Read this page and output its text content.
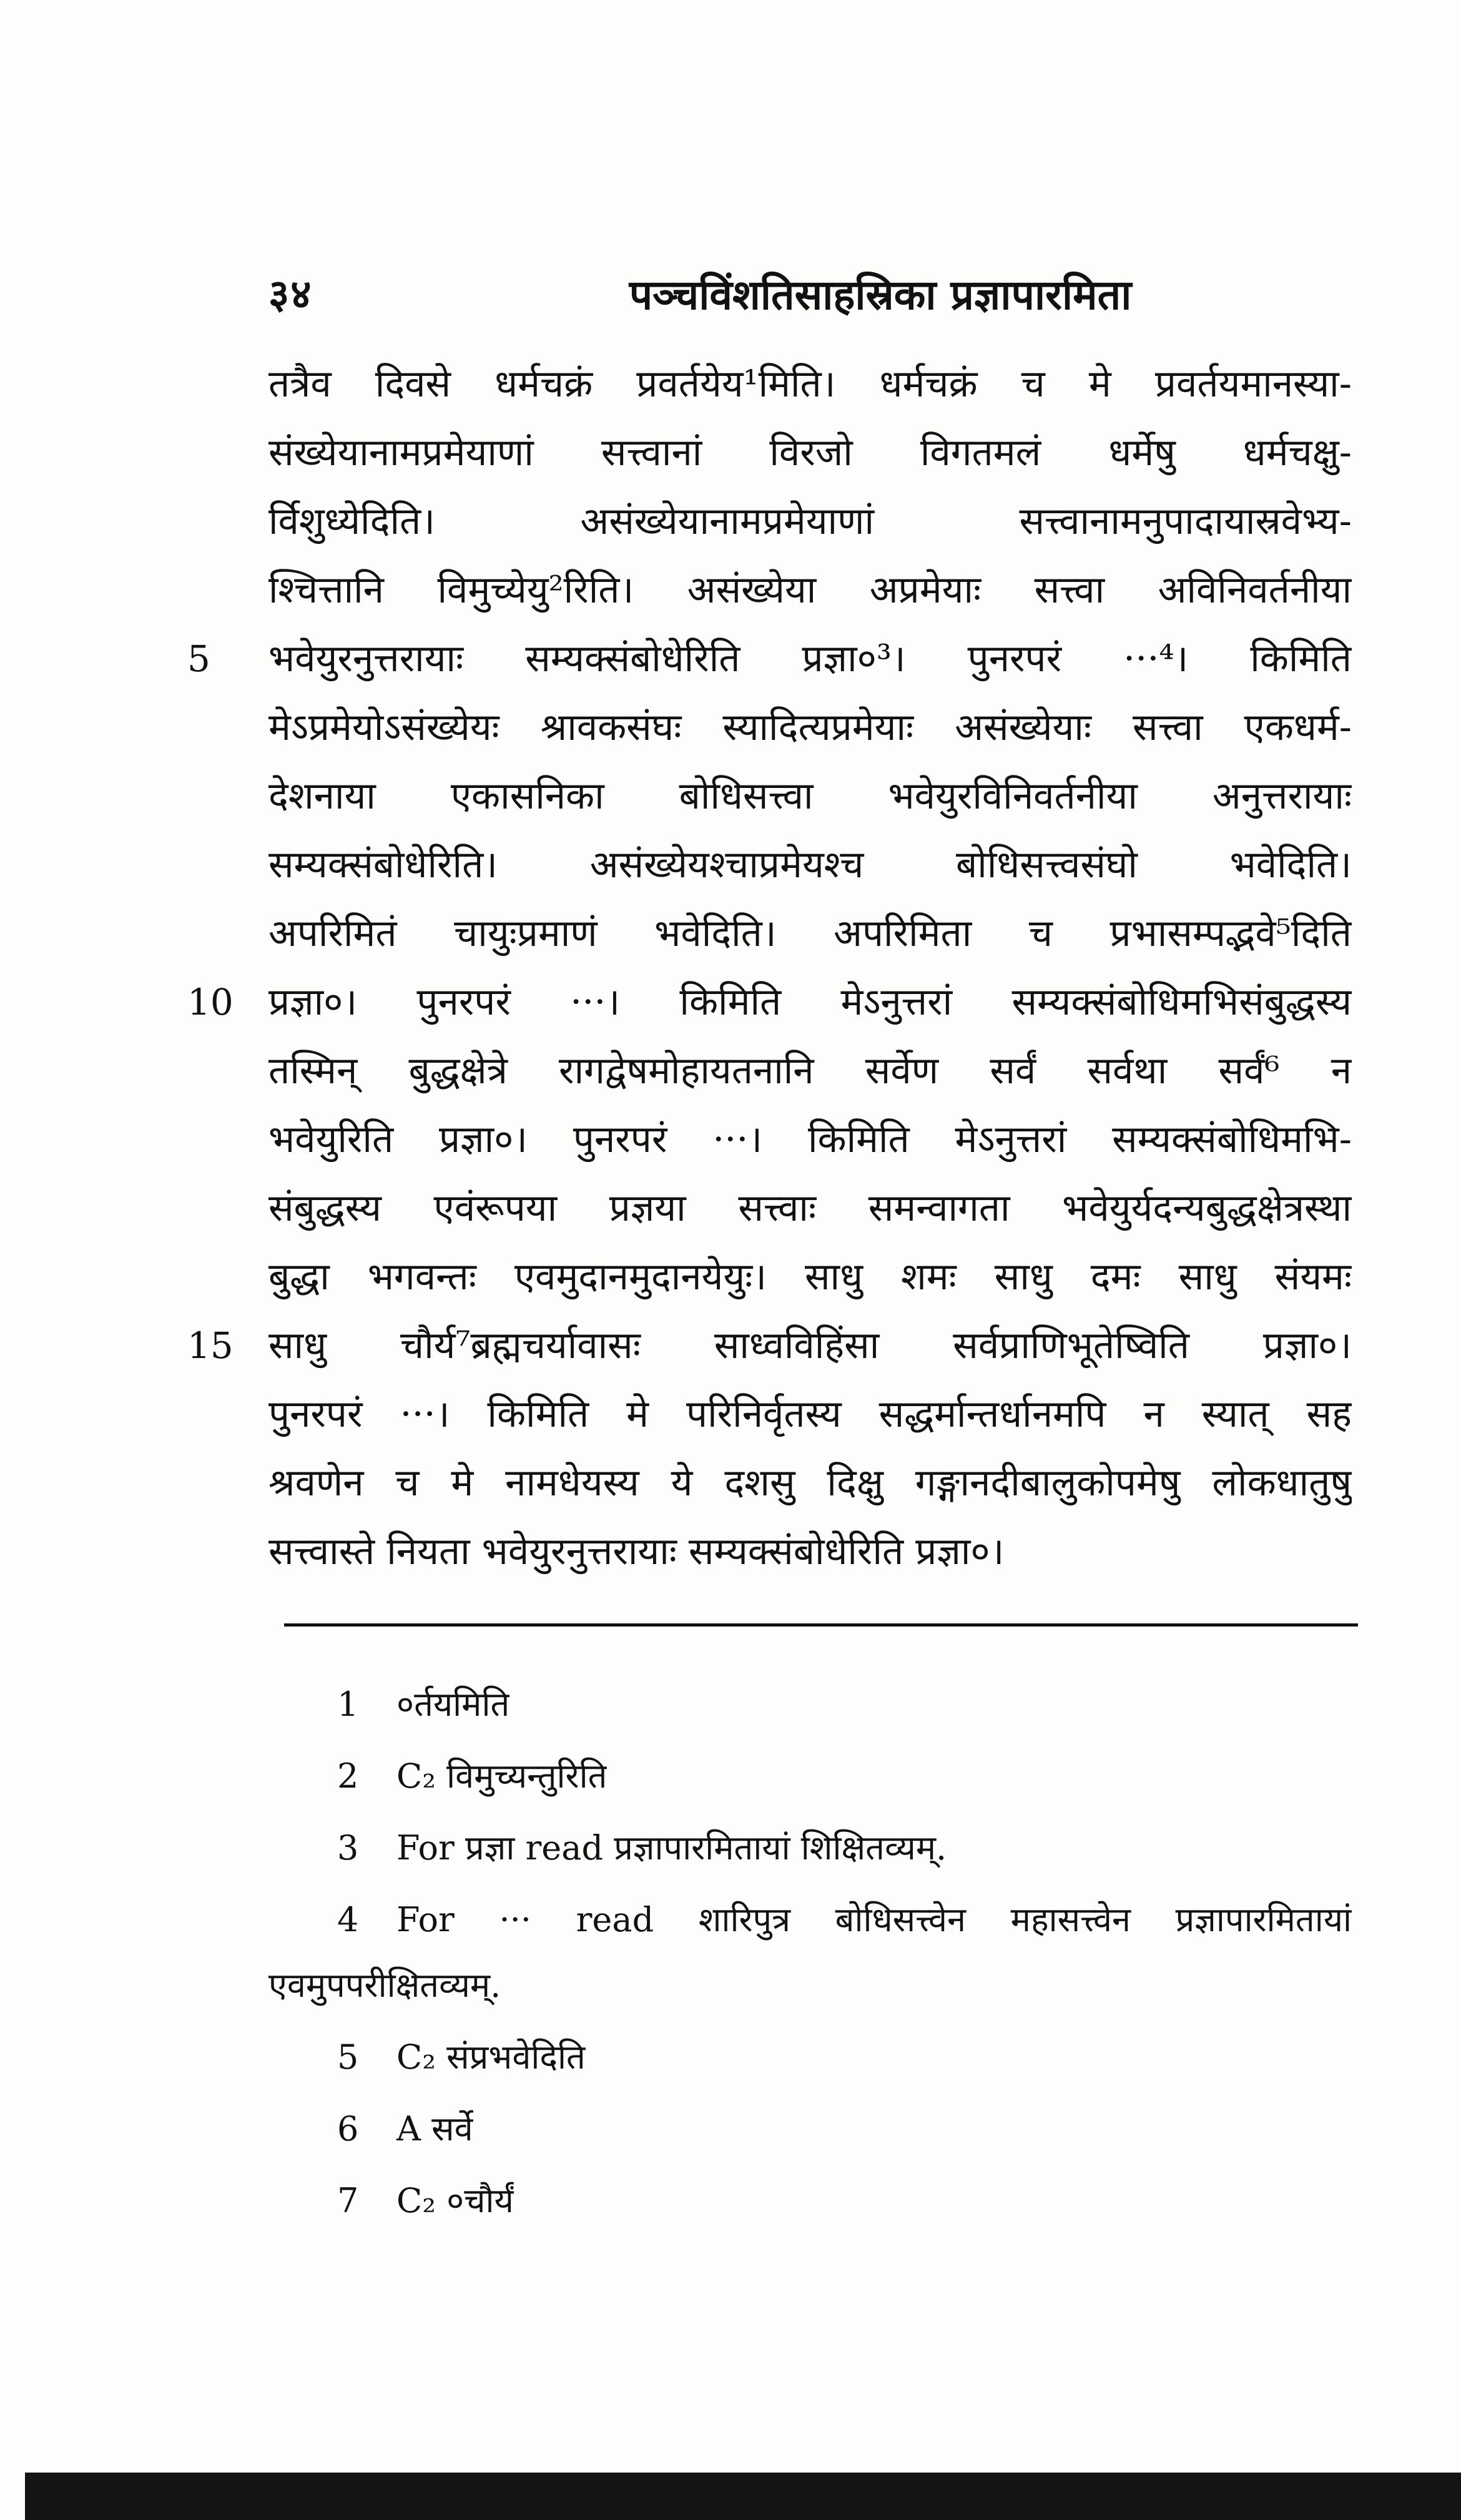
३४	पञ्चविंशतिसाहस्रिका प्रज्ञापारमिता
तत्रैव दिवसे धर्मचक्रं प्रवर्तयेय¹मिति। धर्मचक्रं च मे प्रवर्तयमानस्या-
संख्येयानामप्रमेयाणां सत्त्वानां विरजो विगतमलं धर्मेषु धर्मचक्षु-
र्विशुध्येदिति। असंख्येयानामप्रमेयाणां सत्त्वानामनुपादायास्रवेभ्य-
श्चित्तानि विमुच्येयु²रिति। असंख्येया अप्रमेयाः सत्त्वा अविनिवर्तनीया
5	भवेयुरनुत्तरायाः सम्यक्संबोधेरिति प्रज्ञा०³। पुनरपरं ···⁴। किमिति
मेऽप्रमेयोऽसंख्येयः श्रावकसंघः स्यादित्यप्रमेयाः असंख्येयाः सत्त्वा एकधर्म-
देशनाया एकासनिका बोधिसत्त्वा भवेयुरविनिवर्तनीया अनुत्तरायाः
सम्यक्संबोधेरिति। असंख्येयश्चाप्रमेयश्च बोधिसत्त्वसंघो भवेदिति।
अपरिमितं चायुःप्रमाणं भवेदिति। अपरिमिता च प्रभासम्पद्भवे⁵दिति
10 प्रज्ञा०। पुनरपरं ···। किमिति मेऽनुत्तरां सम्यक्संबोधिमभिसंबुद्धस्य
तस्मिन् बुद्धक्षेत्रे रागद्वेषमोहायतनानि सर्वेण सर्वं सर्वथा सर्वं⁶ न
भवेयुरिति प्रज्ञा०। पुनरपरं ···। किमिति मेऽनुत्तरां सम्यक्संबोधिमभि-
संबुद्धस्य एवंरूपया प्रज्ञया सत्त्वाः समन्वागता भवेयुर्यदन्यबुद्धक्षेत्रस्था
बुद्धा भगवन्तः एवमुदानमुदानयेयुः। साधु शमः साधु दमः साधु संयमः
15 साधु चौर्य⁷ब्रह्मचर्यावासः साध्वविहिंसा सर्वप्राणिभूतेष्विति प्रज्ञा०।
पुनरपरं ···। किमिति मे परिनिर्वृतस्य सद्धर्मान्तर्धानमपि न स्यात् सह
श्रवणेन च मे नामधेयस्य ये दशसु दिक्षु गङ्गानदीबालुकोपमेषु लोकधातुषु
सत्त्वास्ते नियता भवेयुरनुत्तरायाः सम्यक्संबोधेरिति प्रज्ञा०।
1 ०र्तयमिति
2 C₂ विमुच्यन्तुरिति
3 For प्रज्ञा read प्रज्ञापारमितायां शिक्षितव्यम्.
4 For ··· read शारिपुत्र बोधिसत्त्वेन महासत्त्वेन प्रज्ञापारमितायां
एवमुपपरीक्षितव्यम्.
5 C₂ संप्रभवेदिति
6 A सर्वे
7 C₂ ०चौर्यं
